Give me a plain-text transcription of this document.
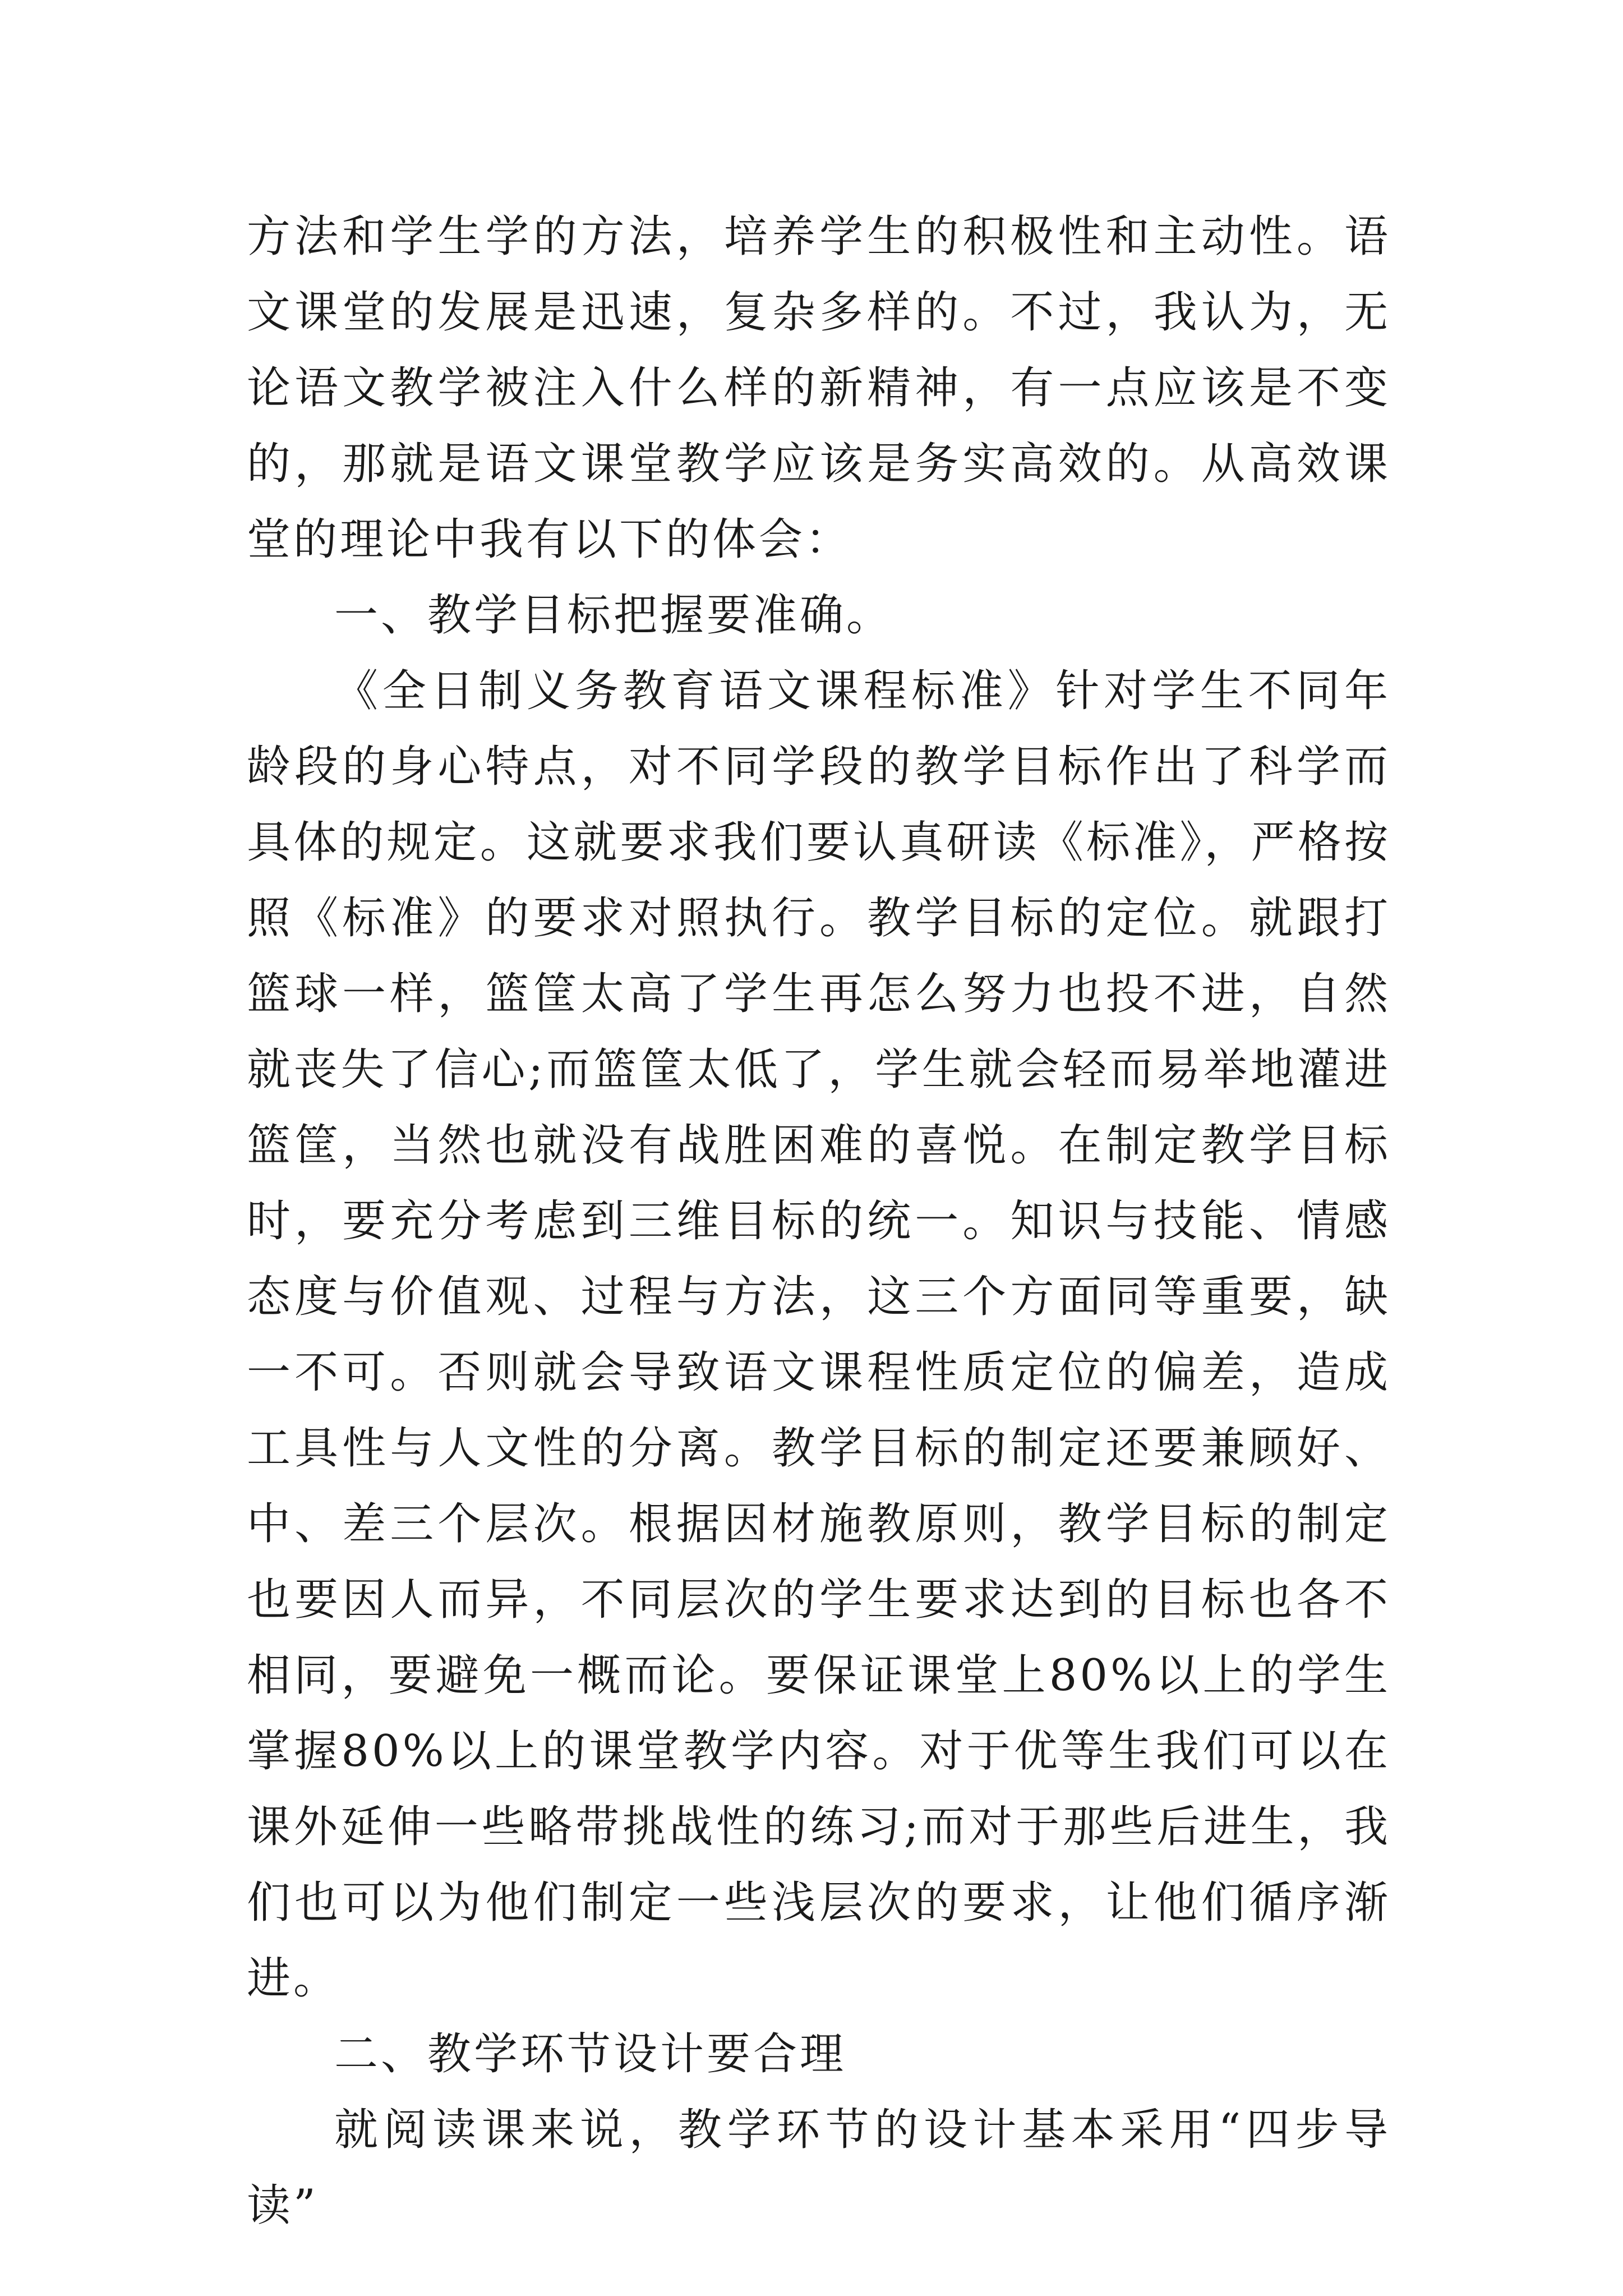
方法和学生学的方法，培养学生的积极性和主动性。语文课堂的发展是迅速，复杂多样的。不过，我认为，无论语文教学被注入什么样的新精神，有一点应该是不变的，那就是语文课堂教学应该是务实高效的。从高效课堂的理论中我有以下的体会：

一、教学目标把握要准确。

《全日制义务教育语文课程标准》针对学生不同年龄段的身心特点，对不同学段的教学目标作出了科学而具体的规定。这就要求我们要认真研读《标准》，严格按照《标准》的要求对照执行。教学目标的定位。就跟打篮球一样，篮筐太高了学生再怎么努力也投不进，自然就丧失了信心;而篮筐太低了，学生就会轻而易举地灌进篮筐，当然也就没有战胜困难的喜悦。在制定教学目标时，要充分考虑到三维目标的统一。知识与技能、情感态度与价值观、过程与方法，这三个方面同等重要，缺一不可。否则就会导致语文课程性质定位的偏差，造成工具性与人文性的分离。教学目标的制定还要兼顾好、中、差三个层次。根据因材施教原则，教学目标的制定也要因人而异，不同层次的学生要求达到的目标也各不相同，要避免一概而论。要保证课堂上80%以上的学生掌握80%以上的课堂教学内容。对于优等生我们可以在课外延伸一些略带挑战性的练习;而对于那些后进生，我们也可以为他们制定一些浅层次的要求，让他们循序渐进。

二、教学环节设计要合理

就阅读课来说，教学环节的设计基本采用“四步导读”
